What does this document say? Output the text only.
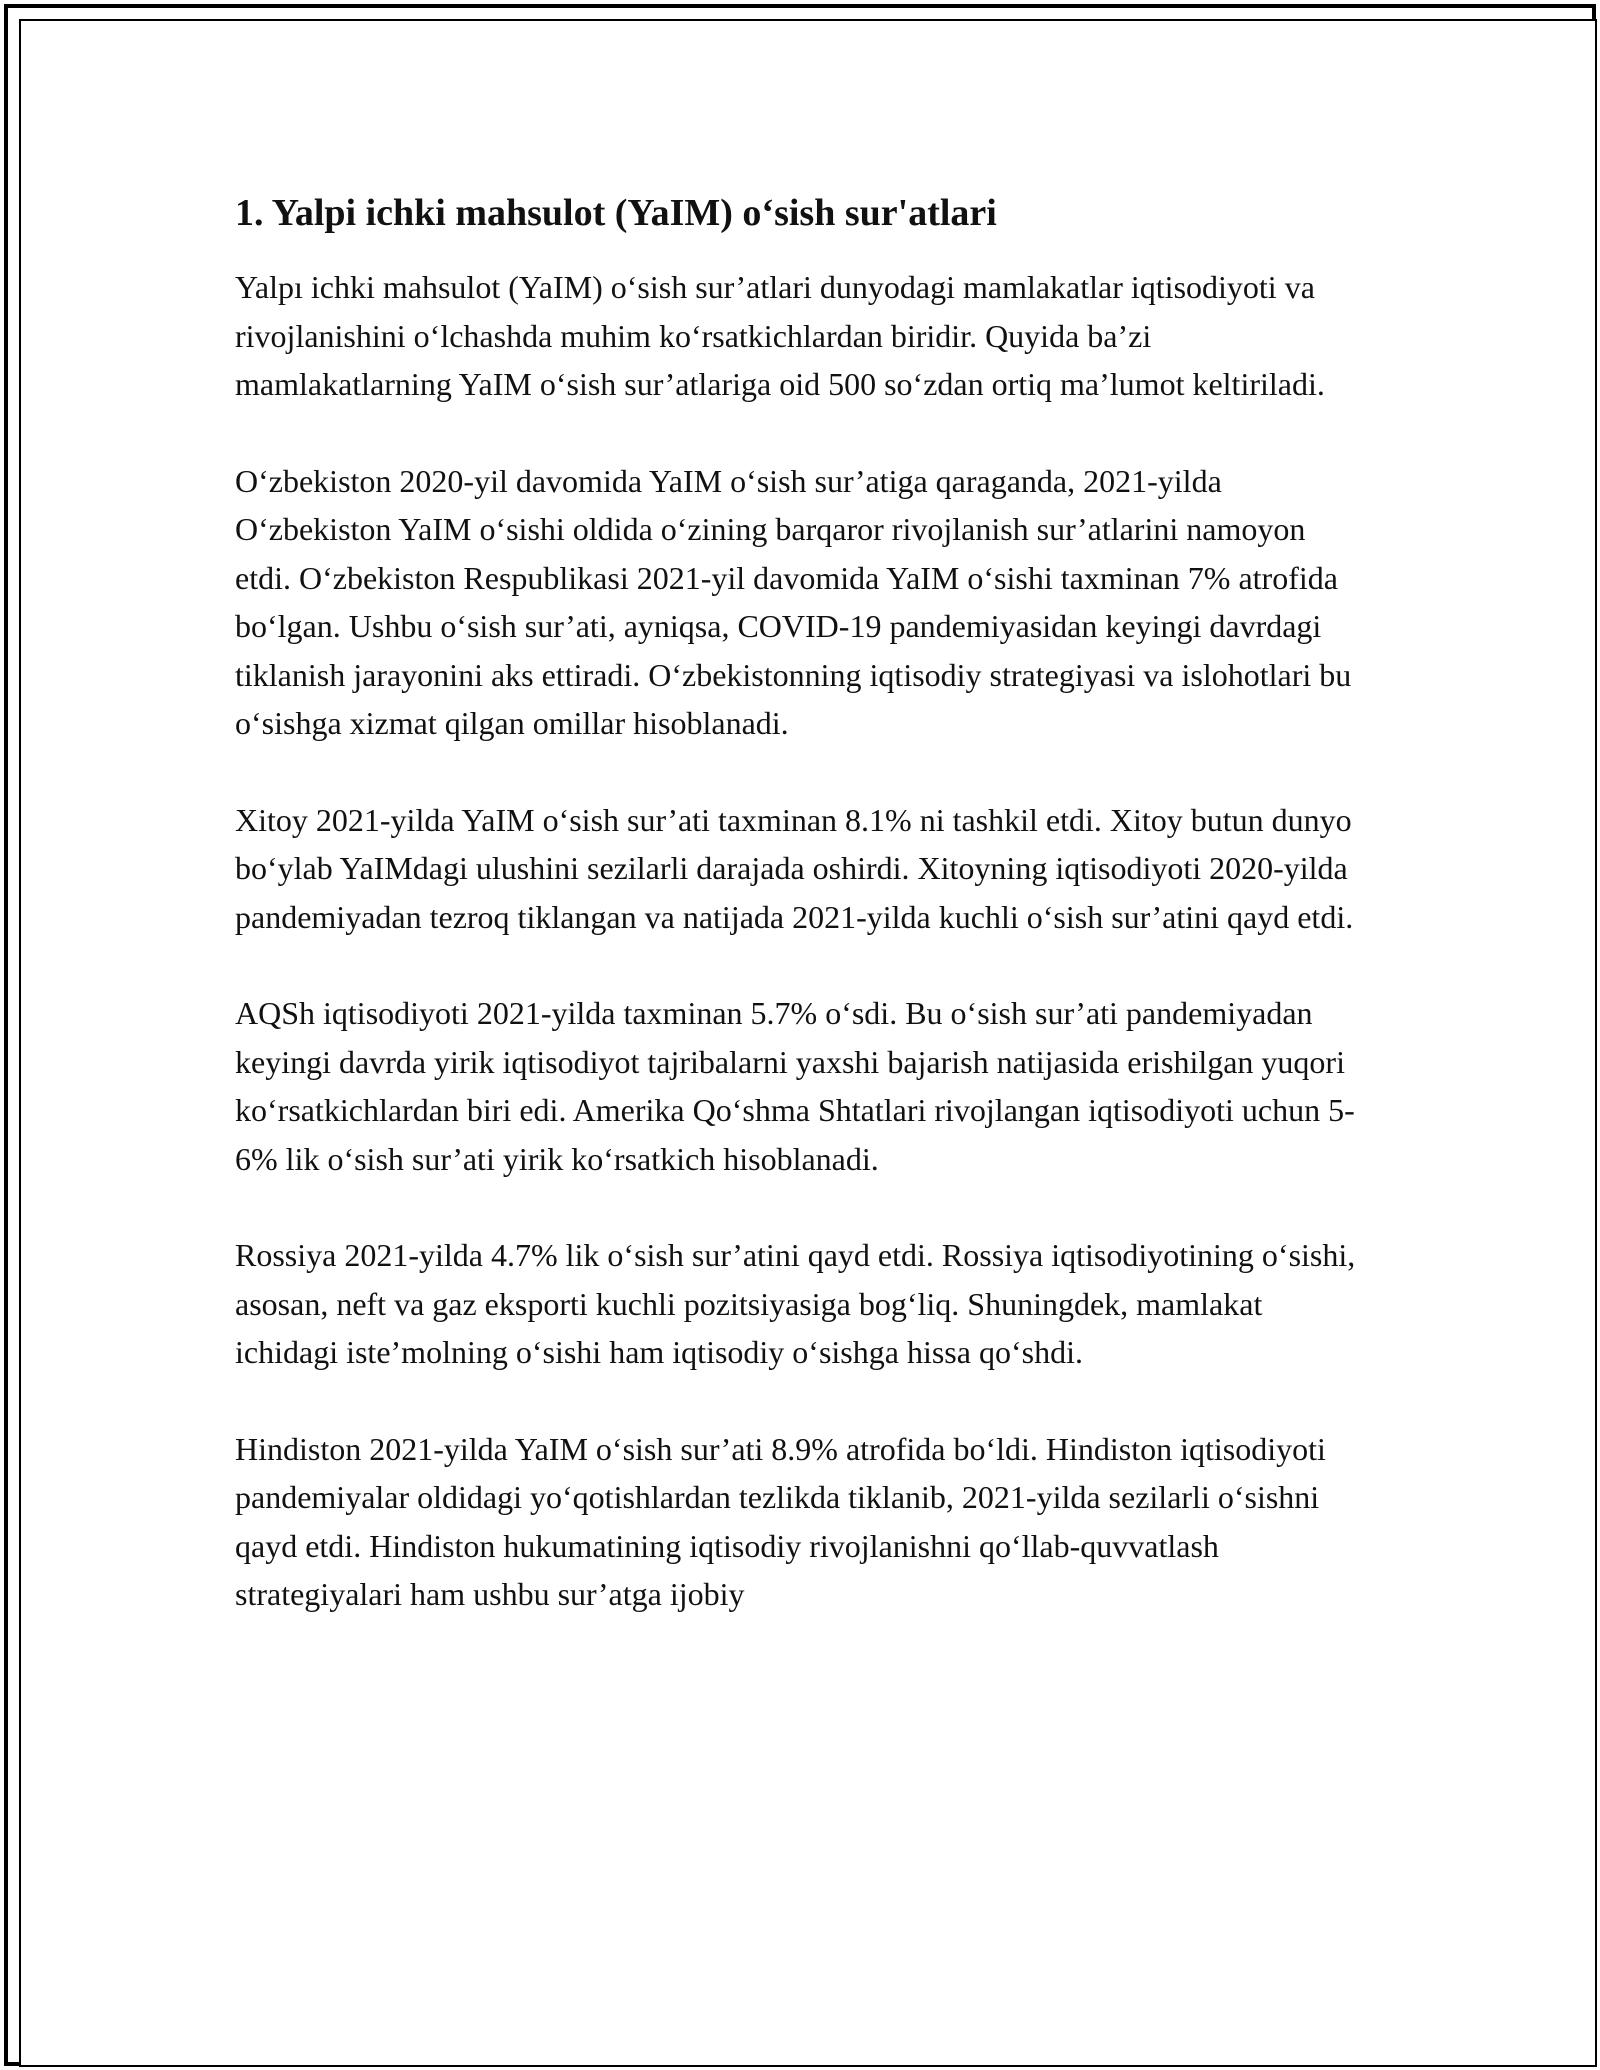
1. Yalpi ichki mahsulot (YaIM) o‘sish sur'atlari

Yalpı ichki mahsulot (YaIM) o‘sish sur’atlari dunyodagi mamlakatlar iqtisodiyoti va rivojlanishini o‘lchashda muhim ko‘rsatkichlardan biridir. Quyida ba’zi mamlakatlarning YaIM o‘sish sur’atlariga oid 500 so‘zdan ortiq ma’lumot keltiriladi.

O‘zbekiston 2020-yil davomida YaIM o‘sish sur’atiga qaraganda, 2021-yilda O‘zbekiston YaIM o‘sishi oldida o‘zining barqaror rivojlanish sur’atlarini namoyon etdi. O‘zbekiston Respublikasi 2021-yil davomida YaIM o‘sishi taxminan 7% atrofida bo‘lgan. Ushbu o‘sish sur’ati, ayniqsa, COVID-19 pandemiyasidan keyingi davrdagi tiklanish jarayonini aks ettiradi. O‘zbekistonning iqtisodiy strategiyasi va islohotlari bu o‘sishga xizmat qilgan omillar hisoblanadi.

Xitoy 2021-yilda YaIM o‘sish sur’ati taxminan 8.1% ni tashkil etdi. Xitoy butun dunyo bo‘ylab YaIMdagi ulushini sezilarli darajada oshirdi. Xitoyning iqtisodiyoti 2020-yilda pandemiyadan tezroq tiklangan va natijada 2021-yilda kuchli o‘sish sur’atini qayd etdi.

AQSh iqtisodiyoti 2021-yilda taxminan 5.7% o‘sdi. Bu o‘sish sur’ati pandemiyadan keyingi davrda yirik iqtisodiyot tajribalarni yaxshi bajarish natijasida erishilgan yuqori ko‘rsatkichlardan biri edi. Amerika Qo‘shma Shtatlari rivojlangan iqtisodiyoti uchun 5-6% lik o‘sish sur’ati yirik ko‘rsatkich hisoblanadi.

Rossiya 2021-yilda 4.7% lik o‘sish sur’atini qayd etdi. Rossiya iqtisodiyotining o‘sishi, asosan, neft va gaz eksporti kuchli pozitsiyasiga bog‘liq. Shuningdek, mamlakat ichidagi iste’molning o‘sishi ham iqtisodiy o‘sishga hissa qo‘shdi.

Hindiston 2021-yilda YaIM o‘sish sur’ati 8.9% atrofida bo‘ldi. Hindiston iqtisodiyoti pandemiyalar oldidagi yo‘qotishlardan tezlikda tiklanib, 2021-yilda sezilarli o‘sishni qayd etdi. Hindiston hukumatining iqtisodiy rivojlanishni qo‘llab-quvvatlash strategiyalari ham ushbu sur’atga ijobiy
